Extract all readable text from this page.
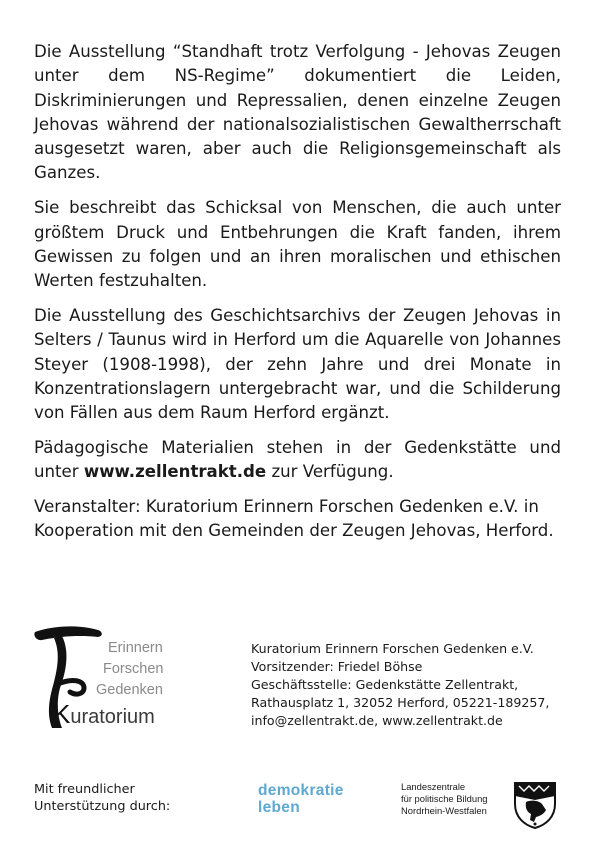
Die Ausstellung “Standhaft trotz Verfolgung - Jehovas Zeugen unter dem NS-Regime” dokumentiert die Leiden, Diskriminierungen und Repressalien, denen einzelne Zeugen Jehovas während der nationalsozialistischen Gewaltherrschaft ausgesetzt waren, aber auch die Religionsgemeinschaft als Ganzes.

Sie beschreibt das Schicksal von Menschen, die auch unter größtem Druck und Entbehrungen die Kraft fanden, ihrem Gewissen zu folgen und an ihren moralischen und ethischen Werten festzuhalten.

Die Ausstellung des Geschichtsarchivs der Zeugen Jehovas in Selters / Taunus wird in Herford um die Aquarelle von Johannes Steyer (1908-1998), der zehn Jahre und drei Monate in Konzentrationslagern untergebracht war, und die Schilderung von Fällen aus dem Raum Herford ergänzt.

Pädagogische Materialien stehen in der Gedenkstätte und unter www.zellentrakt.de zur Verfügung.

Veranstalter: Kuratorium Erinnern Forschen Gedenken e.V. in Kooperation mit den Gemeinden der Zeugen Jehovas, Herford.

Erinnern
Forschen
Gedenken
Kuratorium
Kuratorium Erinnern Forschen Gedenken e.V.
Vorsitzender: Friedel Böhse
Geschäftsstelle: Gedenkstätte Zellentrakt,
Rathausplatz 1, 32052 Herford, 05221-189257,
info@zellentrakt.de, www.zellentrakt.de
Mit freundlicher
Unterstützung durch:
demokratie
leben
Landeszentrale
für politische Bildung
Nordrhein-Westfalen
